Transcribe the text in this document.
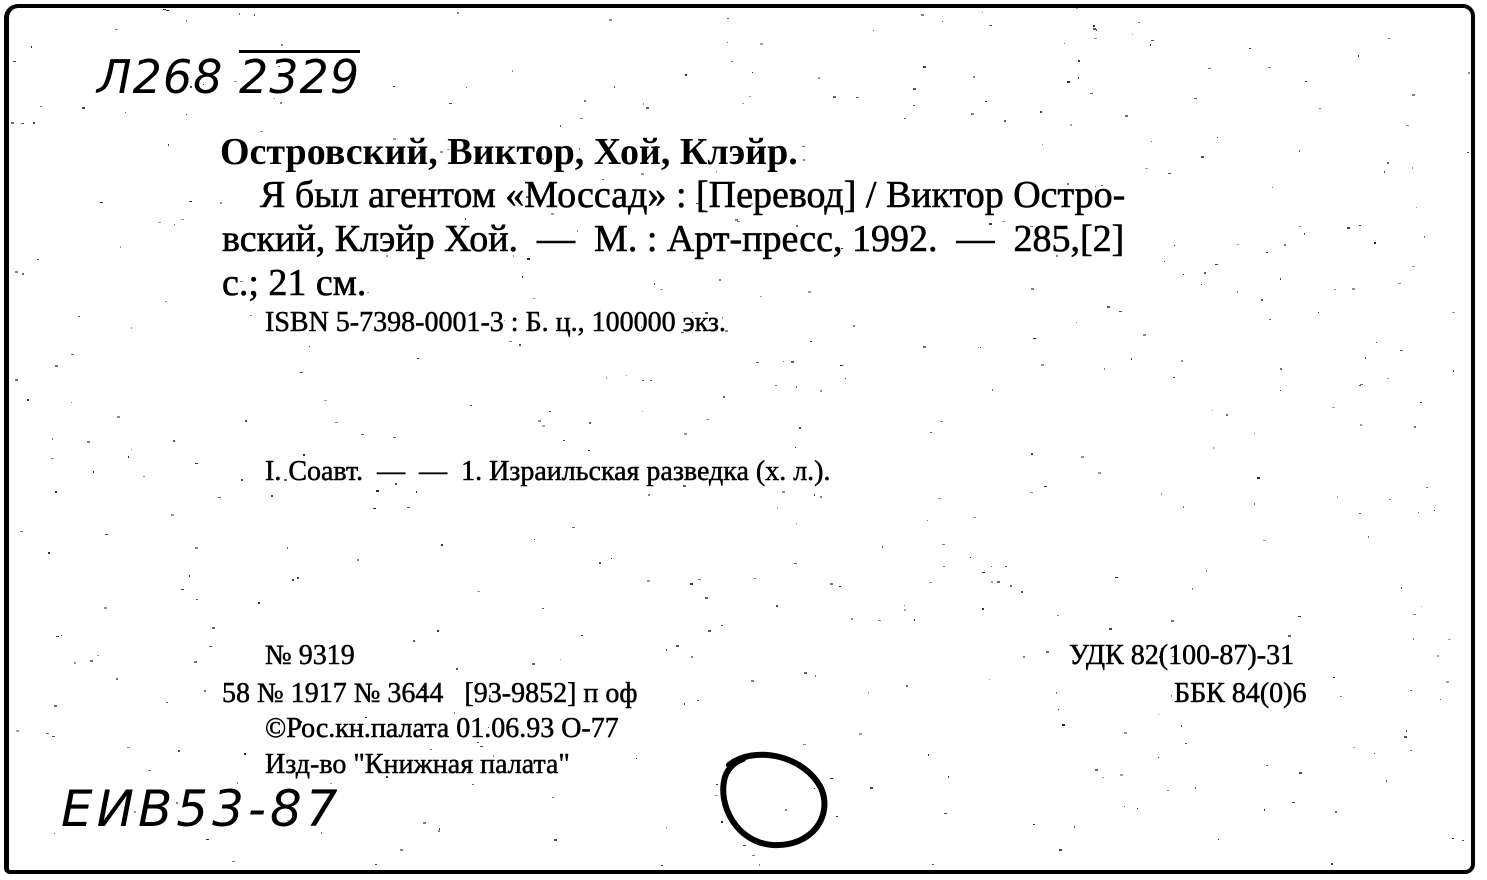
Л268 2329
Островский, Виктор, Хой, Клэйр.
Я был агентом «Моссад» : [Перевод] / Виктор Остро-
вский, Клэйр Хой.  —  М. : Арт-пресс, 1992.  —  285,[2]
с.; 21 см.
ISBN 5-7398-0001-3 : Б. ц., 100000 экз.
I. Соавт.  —  —  1. Израильская разведка (х. л.).
№ 9319
58 № 1917 № 3644   [93-9852] п оф
©Рос.кн.палата 01.06.93 О-77
Изд-во "Книжная палата"
УДК 82(100-87)-31
ББК 84(0)6
ЕИВ53-87
